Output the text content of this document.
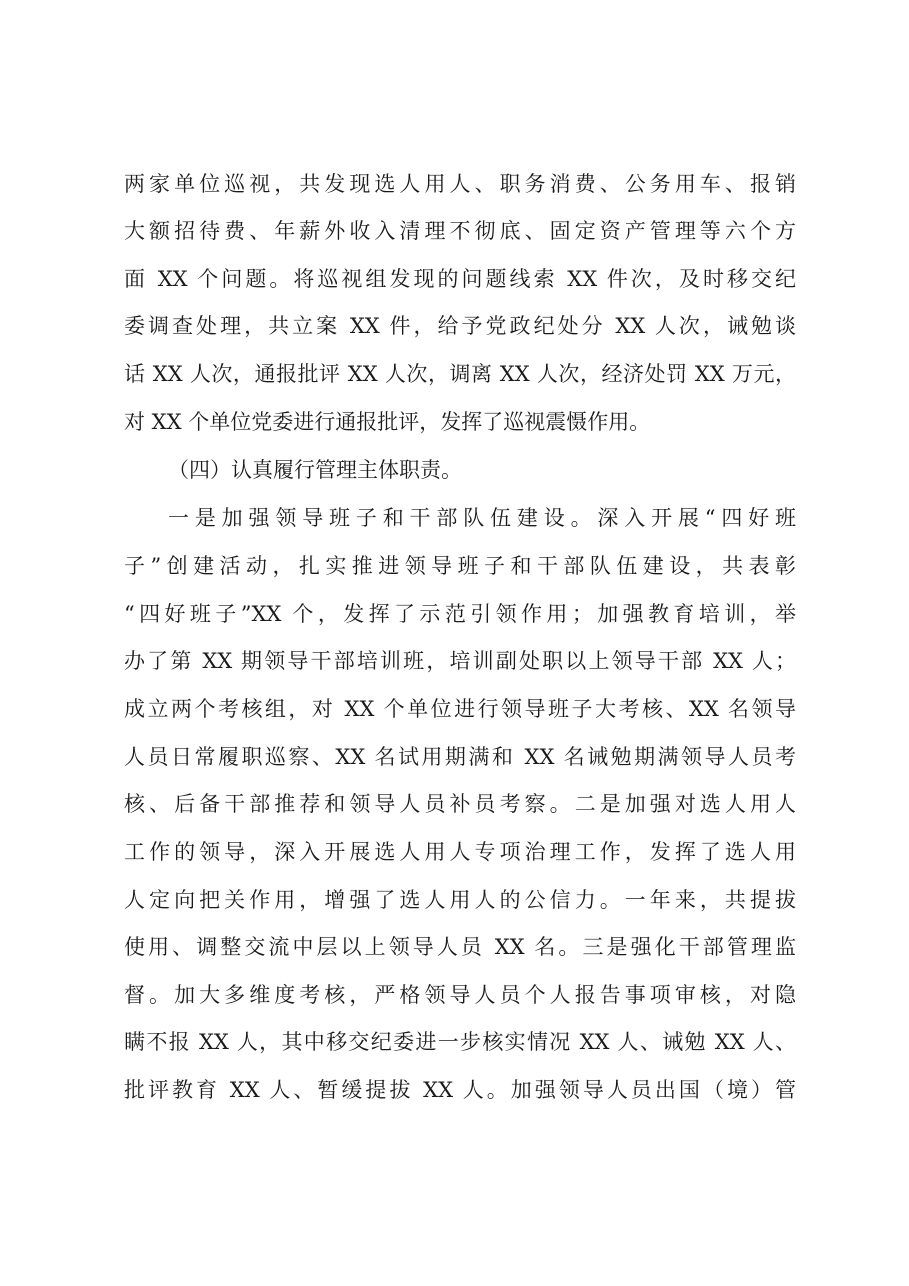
两家单位巡视，共发现选人用人、职务消费、公务用车、报销
大额招待费、年薪外收入清理不彻底、固定资产管理等六个方
面 XX 个问题。将巡视组发现的问题线索 XX 件次，及时移交纪
委调查处理，共立案 XX 件，给予党政纪处分 XX 人次，诫勉谈
话 XX 人次，通报批评 XX 人次，调离 XX 人次，经济处罚 XX 万元，
对 XX 个单位党委进行通报批评，发挥了巡视震慑作用。
（四）认真履行管理主体职责。
一是加强领导班子和干部队伍建设。深入开展“四好班
子”创建活动，扎实推进领导班子和干部队伍建设，共表彰
“四好班子”XX 个，发挥了示范引领作用；加强教育培训，举
办了第 XX 期领导干部培训班，培训副处职以上领导干部 XX 人；
成立两个考核组，对 XX 个单位进行领导班子大考核、XX 名领导
人员日常履职巡察、XX 名试用期满和 XX 名诫勉期满领导人员考
核、后备干部推荐和领导人员补员考察。二是加强对选人用人
工作的领导，深入开展选人用人专项治理工作，发挥了选人用
人定向把关作用，增强了选人用人的公信力。一年来，共提拔
使用、调整交流中层以上领导人员 XX 名。三是强化干部管理监
督。加大多维度考核，严格领导人员个人报告事项审核，对隐
瞒不报 XX 人，其中移交纪委进一步核实情况 XX 人、诫勉 XX 人、
批评教育 XX 人、暂缓提拔 XX 人。加强领导人员出国（境）管
